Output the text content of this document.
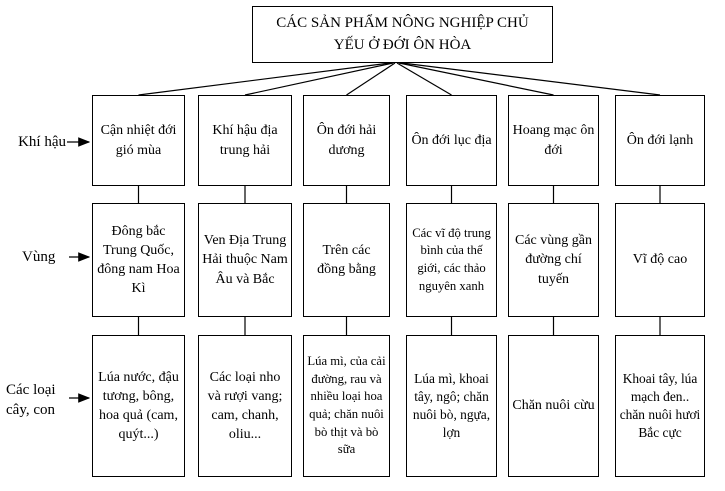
CÁC SẢN PHẨM NÔNG NGHIỆP CHỦ YẾU Ở ĐỚI ÔN HÒA
Khí hậu
Vùng
Các loại
cây, con
Cận nhiệt đới gió mùa
Khí hậu địa trung hải
Ôn đới hải dương
Ôn đới lục địa
Hoang mạc ôn đới
Ôn đới lạnh
Đông bắc Trung Quốc, đông nam Hoa Kì
Ven Địa Trung Hải thuộc Nam Âu và Bắc
Trên các đồng bằng
Các vĩ độ trung bình của thế giới, các thảo nguyên xanh
Các vùng gần đường chí tuyến
Vĩ độ cao
Lúa nước, đậu tương, bông, hoa quả (cam, quýt...)
Các loại nho và rượi vang; cam, chanh, oliu...
Lúa mì, của cải đường, rau và nhiều loại hoa quả; chăn nuôi bò thịt và bò sữa
Lúa mì, khoai tây, ngô; chăn nuôi bò, ngựa, lợn
Chăn nuôi cừu
Khoai tây, lúa mạch đen.. chăn nuôi hươi Bắc cực
